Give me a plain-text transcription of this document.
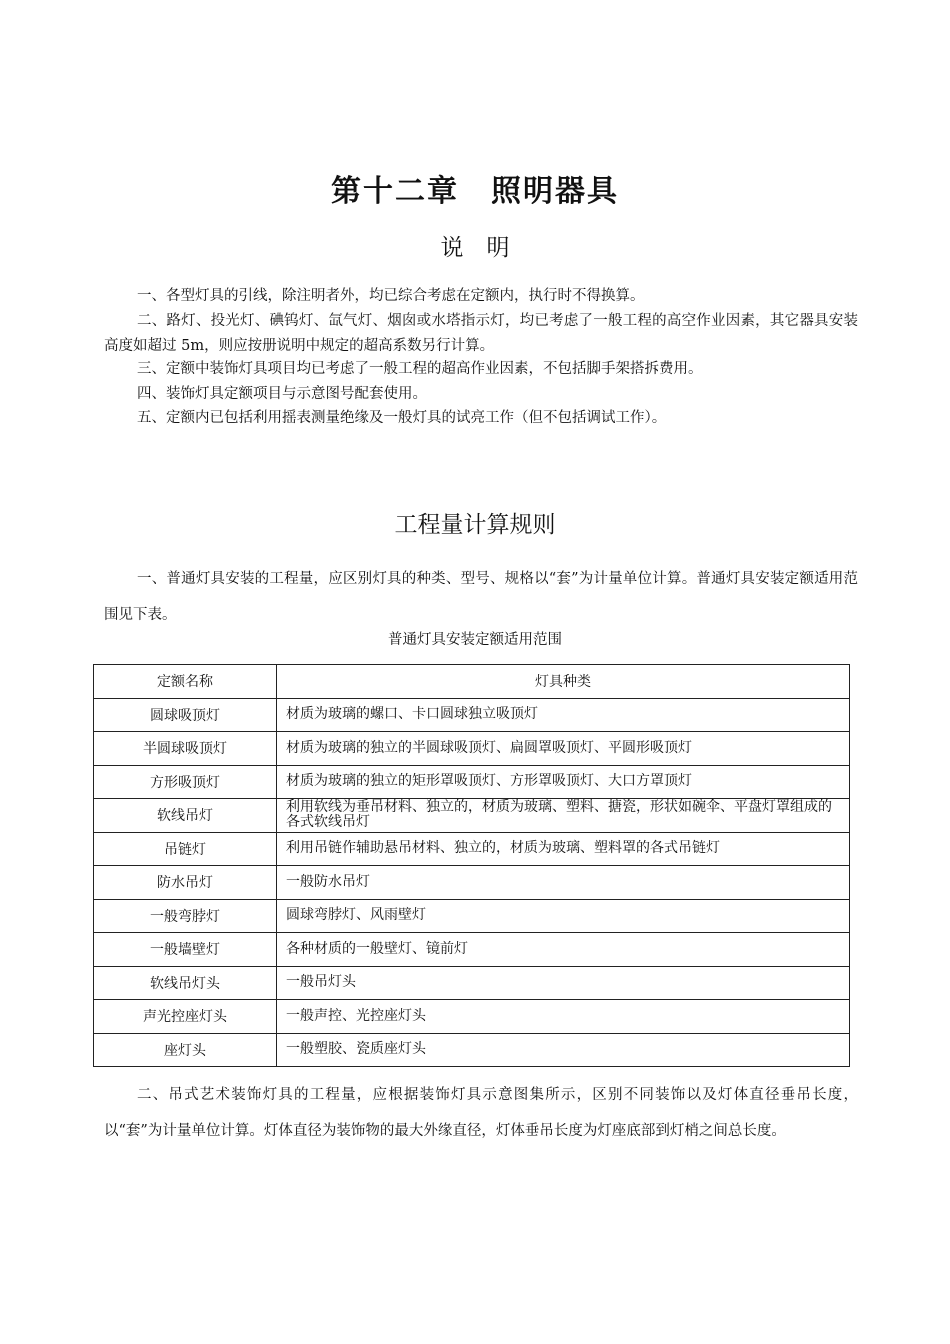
第十二章　照明器具
说　明

一、各型灯具的引线，除注明者外，均已综合考虑在定额内，执行时不得换算。

二、路灯、投光灯、碘钨灯、氙气灯、烟囱或水塔指示灯，均已考虑了一般工程的高空作业因素，其它器具安装高度如超过 5m，则应按册说明中规定的超高系数另行计算。

三、定额中装饰灯具项目均已考虑了一般工程的超高作业因素，不包括脚手架搭拆费用。

四、装饰灯具定额项目与示意图号配套使用。

五、定额内已包括利用摇表测量绝缘及一般灯具的试亮工作（但不包括调试工作）。

工程量计算规则

一、普通灯具安装的工程量，应区别灯具的种类、型号、规格以“套”为计量单位计算。普通灯具安装定额适用范围见下表。

普通灯具安装定额适用范围
定额名称	灯具种类
圆球吸顶灯	材质为玻璃的螺口、卡口圆球独立吸顶灯
半圆球吸顶灯	材质为玻璃的独立的半圆球吸顶灯、扁圆罩吸顶灯、平圆形吸顶灯
方形吸顶灯	材质为玻璃的独立的矩形罩吸顶灯、方形罩吸顶灯、大口方罩顶灯
软线吊灯	利用软线为垂吊材料、独立的，材质为玻璃、塑料、搪瓷，形状如碗伞、平盘灯罩组成的各式软线吊灯
吊链灯	利用吊链作辅助悬吊材料、独立的，材质为玻璃、塑料罩的各式吊链灯
防水吊灯	一般防水吊灯
一般弯脖灯	圆球弯脖灯、风雨壁灯
一般墙壁灯	各种材质的一般壁灯、镜前灯
软线吊灯头	一般吊灯头
声光控座灯头	一般声控、光控座灯头
座灯头	一般塑胶、瓷质座灯头

二、吊式艺术装饰灯具的工程量，应根据装饰灯具示意图集所示，区别不同装饰以及灯体直径垂吊长度，以“套”为计量单位计算。灯体直径为装饰物的最大外缘直径，灯体垂吊长度为灯座底部到灯梢之间总长度。
